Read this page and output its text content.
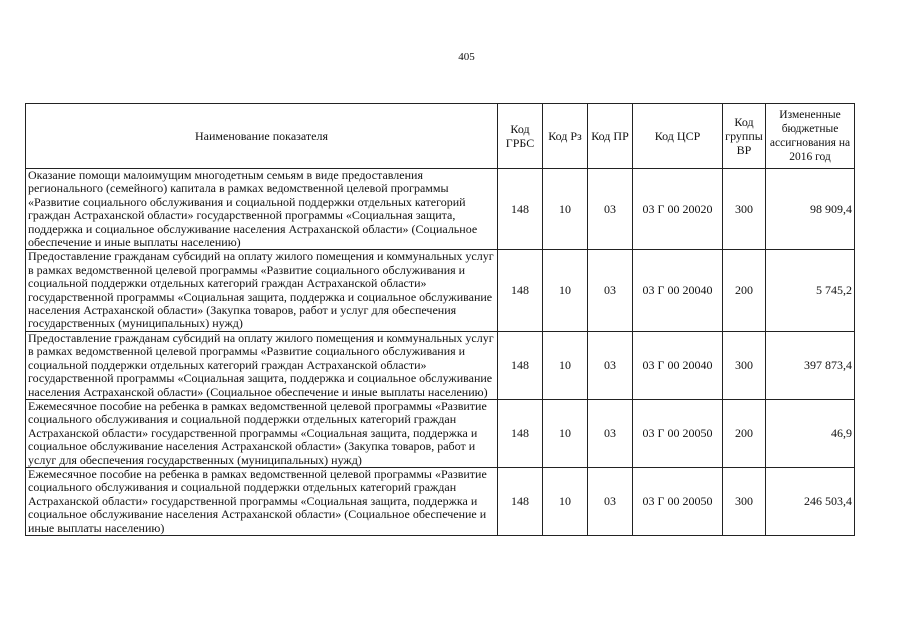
405
Наименование показателя	Код ГРБС	Код Рз	Код ПР	Код ЦСР	Код группы ВР	Измененные бюджетные ассигнования на 2016 год
Оказание помощи малоимущим многодетным семьям в виде предоставления регионального (семейного) капитала в рамках ведомственной целевой программы «Развитие социального обслуживания и социальной поддержки отдельных категорий граждан Астраханской области» государственной программы «Социальная защита, поддержка и социальное обслуживание населения Астраханской области» (Социальное обеспечение и иные выплаты населению)	148	10	03	03 Г 00 20020	300	98 909,4
Предоставление гражданам субсидий на оплату жилого помещения и коммунальных услуг в рамках ведомственной целевой программы «Развитие социального обслуживания и социальной поддержки отдельных категорий граждан Астраханской области» государственной программы «Социальная защита, поддержка и социальное обслуживание населения Астраханской области» (Закупка товаров, работ и услуг для обеспечения государственных (муниципальных) нужд)	148	10	03	03 Г 00 20040	200	5 745,2
Предоставление гражданам субсидий на оплату жилого помещения и коммунальных услуг в рамках ведомственной целевой программы «Развитие социального обслуживания и социальной поддержки отдельных категорий граждан Астраханской области» государственной программы «Социальная защита, поддержка и социальное обслуживание населения Астраханской области» (Социальное обеспечение и иные выплаты населению)	148	10	03	03 Г 00 20040	300	397 873,4
Ежемесячное пособие на ребенка в рамках ведомственной целевой программы «Развитие социального обслуживания и социальной поддержки отдельных категорий граждан Астраханской области» государственной программы «Социальная защита, поддержка и социальное обслуживание населения Астраханской области» (Закупка товаров, работ и услуг для обеспечения государственных (муниципальных) нужд)	148	10	03	03 Г 00 20050	200	46,9
Ежемесячное пособие на ребенка в рамках ведомственной целевой программы «Развитие социального обслуживания и социальной поддержки отдельных категорий граждан Астраханской области» государственной программы «Социальная защита, поддержка и социальное обслуживание населения Астраханской области» (Социальное обеспечение и иные выплаты населению)	148	10	03	03 Г 00 20050	300	246 503,4
